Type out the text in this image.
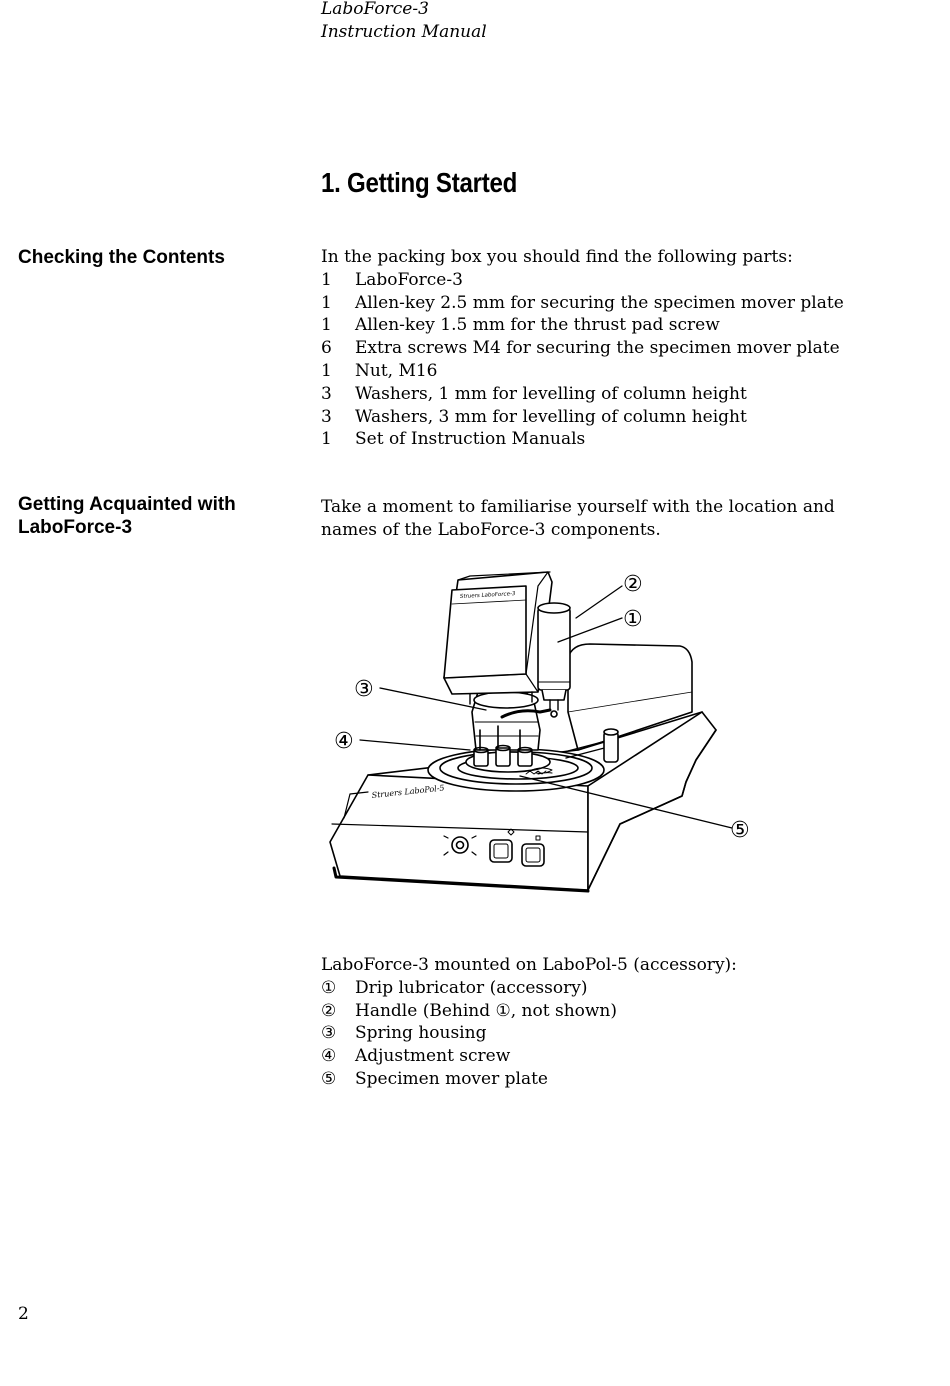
LaboForce-3
Instruction Manual
1. Getting Started
Checking the Contents	In the packing box you should find the following parts:
1	LaboForce-3
1	Allen-key 2.5 mm for securing the specimen mover plate
1	Allen-key 1.5 mm for the thrust pad screw
6	Extra screws M4 for securing the specimen mover plate
1	Nut, M16
3	Washers, 1 mm for levelling of column height
3	Washers, 3 mm for levelling of column height
1	Set of Instruction Manuals
Getting Acquainted with
LaboForce-3
Take a moment to familiarise yourself with the location and
names of the LaboForce-3 components.
Struers LaboPol-5
Struers LaboForce-3	②
①
③
④
⑤
LaboForce-3 mounted on LaboPol-5 (accessory):
①	Drip lubricator (accessory)
②	Handle (Behind ①, not shown)
③	Spring housing
④	Adjustment screw
⑤	Specimen mover plate
2
